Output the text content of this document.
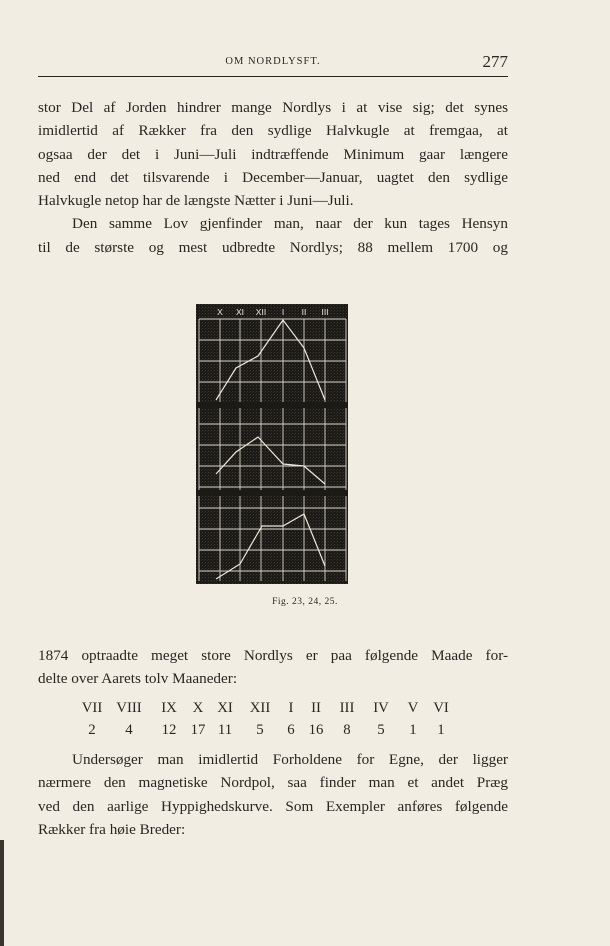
OM NORDLYSFT.	277

stor Del af Jorden hindrer mange Nordlys i at vise sig; det synes

imidlertid af Rækker fra den sydlige Halvkugle at fremgaa, at

ogsaa der det i Juni—Juli indtræffende Minimum gaar længere

ned end det tilsvarende i December—Januar, uagtet den sydlige

Halvkugle netop har de længste Nætter i Juni—Juli.

Den samme Lov gjenfinder man, naar der kun tages Hensyn

til de største og mest udbredte Nordlys; 88 mellem 1700 og

X XI XII I II III
Fig. 23, 24, 25.

1874 optraadte meget store Nordlys er paa følgende Maade for-

delte over Aarets tolv Maaneder:

VII	VIII	IX	X	XI	XII	I	II	III	IV	V	VI
2	4	12	17	11	5	6	16	8	5	1	1

Undersøger man imidlertid Forholdene for Egne, der ligger

nærmere den magnetiske Nordpol, saa finder man et andet Præg

ved den aarlige Hyppighedskurve. Som Exempler anføres følgende

Rækker fra høie Breder:
